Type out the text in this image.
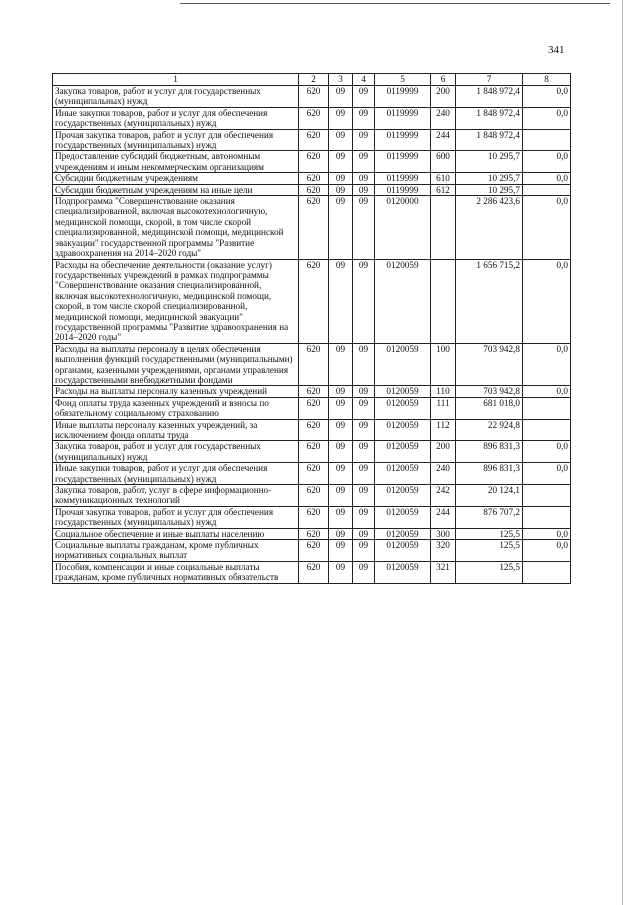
341
1	2	3	4	5	6	7	8
Закупка товаров, работ и услуг для государственных (муниципальных) нужд	620	09	09	0119999	200	1 848 972,4	0,0
Иные закупки товаров, работ и услуг для обеспечения государственных (муниципальных) нужд	620	09	09	0119999	240	1 848 972,4	0,0
Прочая закупка товаров, работ и услуг для обеспечения государственных (муниципальных) нужд	620	09	09	0119999	244	1 848 972,4	
Предоставление субсидий бюджетным, автономным учреждениям и иным некоммерческим организациям	620	09	09	0119999	600	10 295,7	0,0
Субсидии бюджетным учреждениям	620	09	09	0119999	610	10 295,7	0,0
Субсидии бюджетным учреждениям на иные цели	620	09	09	0119999	612	10 295,7	
Подпрограмма "Совершенствование оказания специализированной, включая высокотехнологичную, медицинской помощи, скорой, в том числе скорой специализированной, медицинской помощи, медицинской эвакуации" государственной программы "Развитие здравоохранения на 2014–2020 годы"	620	09	09	0120000		2 286 423,6	0,0
Расходы на обеспечение деятельности (оказание услуг) государственных учреждений в рамках подпрограммы "Совершенствование оказания специализированной, включая высокотехнологичную, медицинской помощи, скорой, в том числе скорой специализированной, медицинской помощи, медицинской эвакуации" государственной программы "Развитие здравоохранения на 2014–2020 годы"	620	09	09	0120059		1 656 715,2	0,0
Расходы на выплаты персоналу в целях обеспечения выполнения функций государственными (муниципальными) органами, казенными учреждениями, органами управления государственными внебюджетными фондами	620	09	09	0120059	100	703 942,8	0,0
Расходы на выплаты персоналу казенных учреждений	620	09	09	0120059	110	703 942,8	0,0
Фонд оплаты труда казенных учреждений и взносы по обязательному социальному страхованию	620	09	09	0120059	111	681 018,0	
Иные выплаты персоналу казенных учреждений, за исключением фонда оплаты труда	620	09	09	0120059	112	22 924,8	
Закупка товаров, работ и услуг для государственных (муниципальных) нужд	620	09	09	0120059	200	896 831,3	0,0
Иные закупки товаров, работ и услуг для обеспечения государственных (муниципальных) нужд	620	09	09	0120059	240	896 831,3	0,0
Закупка товаров, работ, услуг в сфере информационно-коммуникационных технологий	620	09	09	0120059	242	20 124,1	
Прочая закупка товаров, работ и услуг для обеспечения государственных (муниципальных) нужд	620	09	09	0120059	244	876 707,2	
Социальное обеспечение и иные выплаты населению	620	09	09	0120059	300	125,5	0,0
Социальные выплаты гражданам, кроме публичных нормативных социальных выплат	620	09	09	0120059	320	125,5	0,0
Пособия, компенсации и иные социальные выплаты гражданам, кроме публичных нормативных обязательств	620	09	09	0120059	321	125,5	
